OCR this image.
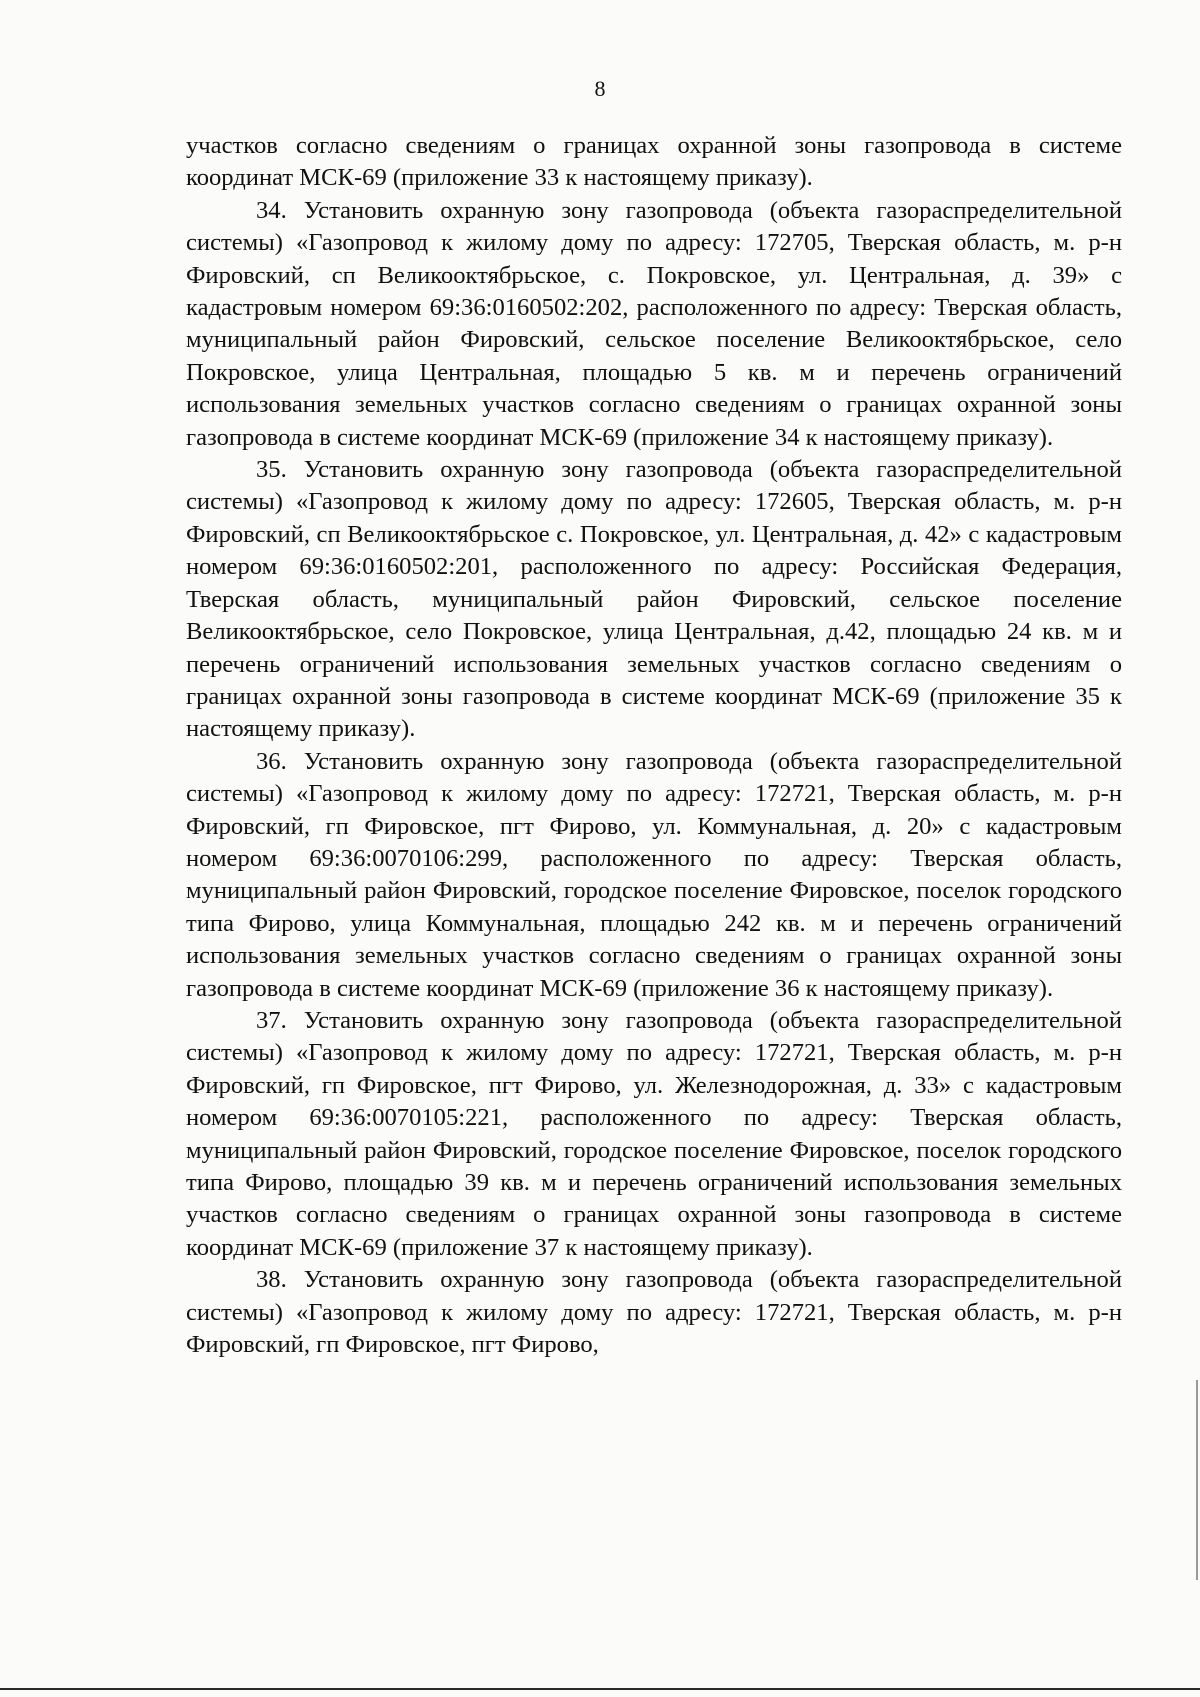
8

участков согласно сведениям о границах охранной зоны газопровода в системе координат МСК-69 (приложение 33 к настоящему приказу).

34. Установить охранную зону газопровода (объекта газораспределительной системы) «Газопровод к жилому дому по адресу: 172705, Тверская область, м. р-н Фировский, сп Великооктябрьское, с. Покровское, ул. Центральная, д. 39» с кадастровым номером 69:36:0160502:202, расположенного по адресу: Тверская область, муниципальный район Фировский, сельское поселение Великооктябрьское, село Покровское, улица Центральная, площадью 5 кв. м и перечень ограничений использования земельных участков согласно сведениям о границах охранной зоны газопровода в системе координат МСК-69 (приложение 34 к настоящему приказу).

35. Установить охранную зону газопровода (объекта газораспределительной системы) «Газопровод к жилому дому по адресу: 172605, Тверская область, м. р-н Фировский, сп Великооктябрьское с. Покровское, ул. Центральная, д. 42» с кадастровым номером 69:36:0160502:201, расположенного по адресу: Российская Федерация, Тверская область, муниципальный район Фировский, сельское поселение Великооктябрьское, село Покровское, улица Центральная, д.42, площадью 24 кв. м и перечень ограничений использования земельных участков согласно сведениям о границах охранной зоны газопровода в системе координат МСК-69 (приложение 35 к настоящему приказу).

36. Установить охранную зону газопровода (объекта газораспределительной системы) «Газопровод к жилому дому по адресу: 172721, Тверская область, м. р-н Фировский, гп Фировское, пгт Фирово, ул. Коммунальная, д. 20» с кадастровым номером 69:36:0070106:299, расположенного по адресу: Тверская область, муниципальный район Фировский, городское поселение Фировское, поселок городского типа Фирово, улица Коммунальная, площадью 242 кв. м и перечень ограничений использования земельных участков согласно сведениям о границах охранной зоны газопровода в системе координат МСК-69 (приложение 36 к настоящему приказу).

37. Установить охранную зону газопровода (объекта газораспределительной системы) «Газопровод к жилому дому по адресу: 172721, Тверская область, м. р-н Фировский, гп Фировское, пгт Фирово, ул. Железнодорожная, д. 33» с кадастровым номером 69:36:0070105:221, расположенного по адресу: Тверская область, муниципальный район Фировский, городское поселение Фировское, поселок городского типа Фирово, площадью 39 кв. м и перечень ограничений использования земельных участков согласно сведениям о границах охранной зоны газопровода в системе координат МСК-69 (приложение 37 к настоящему приказу).

38. Установить охранную зону газопровода (объекта газораспределительной системы) «Газопровод к жилому дому по адресу: 172721, Тверская область, м. р-н Фировский, гп Фировское, пгт Фирово,
